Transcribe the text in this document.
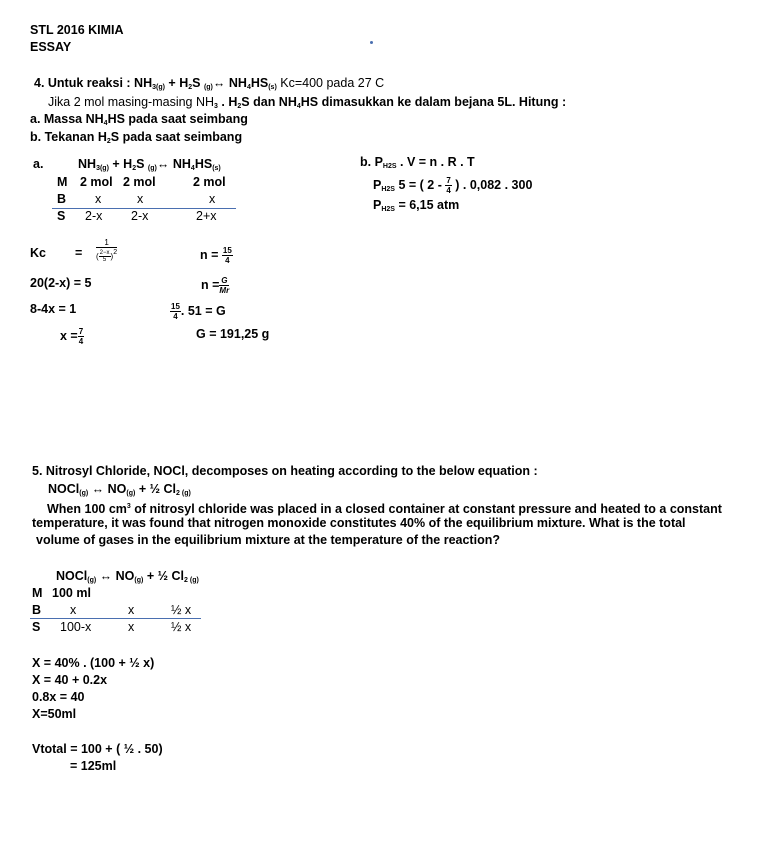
STL 2016 KIMIA
ESSAY
4. Untuk reaksi : NH3(g) + H2S (g)↔ NH4HS(s) Kc=400 pada 27 C
Jika 2 mol masing-masing NH3 . H2S dan NH4HS dimasukkan ke dalam bejana 5L. Hitung :
a. Massa NH4HS pada saat seimbang
b. Tekanan H2S pada saat seimbang
a.	NH3(g) + H2S (g)↔ NH4HS(s)
M 2 mol 2 mol	2 mol
B x	x	x
S 2-x 2-x	2+x
$Kc = \frac{1}{( \frac{2-x}{5} )2}$	$n = \frac{15}{4}$
20(2-x) = 5	$n = \frac{G}{Mr}$
8-4x = 1	$\frac{15}{4}$ . 51 = G
$x = \frac{7}{4}$	G = 191,25 g
b. PH2S . V = n . R . T
PH2S 5 = ( $2 - \frac{7}{4}$ ) . 0,082 . 300
PH2S = 6,15 atm
5. Nitrosyl Chloride, NOCl, decomposes on heating according to the below equation :
NOCl(g) ↔ NO(g) + ½ Cl2 (g)
When 100 $cm^3$ of nitrosyl chloride was placed in a closed container at constant pressure and heated to a constant
temperature, it was found that nitrogen monoxide constitutes 40% of the equilibrium mixture. What is the total
volume of gases in the equilibrium mixture at the temperature of the reaction?
NOCl(g) ↔ NO(g) + ½ Cl2 (g)
M 100 ml
B x	x	½ x
S 100-x	x	½ x
X = 40% . (100 + ½ x)
X = 40 + 0.2x
0.8x = 40
X=50ml
Vtotal = 100 + ( ½ . 50)
= 125ml
